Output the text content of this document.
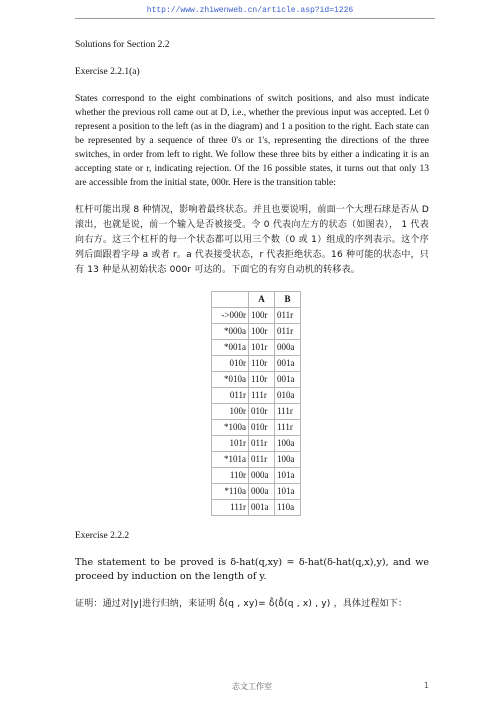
http://www.zhiwenweb.cn/article.asp?id=1226

Solutions for Section 2.2

Exercise 2.2.1(a)

States correspond to the eight combinations of switch positions, and also must indicate whether the previous roll came out at D, i.e., whether the previous input was accepted. Let 0 represent a position to the left (as in the diagram) and 1 a position to the right. Each state can be represented by a sequence of three 0's or 1's, representing the directions of the three switches, in order from left to right. We follow these three bits by either a indicating it is an accepting state or r, indicating rejection. Of the 16 possible states, it turns out that only 13 are accessible from the initial state, 000r. Here is the transition table:

杠杆可能出现 8 种情况，影响着最终状态。并且也要说明，前面一个大理石球是否从 D 滚出，也就是说，前一个输入是否被接受。令 0 代表向左方的状态（如图表）， 1 代表向右方。这三个杠杆的每一个状态都可以用三个数（0 或 1）组成的序列表示。这个序列后面跟着字母 a 或者 r。a 代表接受状态，r 代表拒绝状态。16 种可能的状态中，只有 13 种是从初始状态 000r 可达的。下面它的有穷自动机的转移表。

	A	B
->000r	100r	011r
*000a	100r	011r
*001a	101r	000a
010r	110r	001a
*010a	110r	001a
011r	111r	010a
100r	010r	111r
*100a	010r	111r
101r	011r	100a
*101a	011r	100a
110r	000a	101a
*110a	000a	101a
111r	001a	110a

Exercise 2.2.2

The statement to be proved is δ-hat(q,xy) = δ-hat(δ-hat(q,x),y), and we proceed by induction on the length of y.

证明：通过对|y|进行归纳，来证明 δ̂(q , xy)= δ̂(δ̂(q , x) , y) ，具体过程如下：

志文工作室	1
